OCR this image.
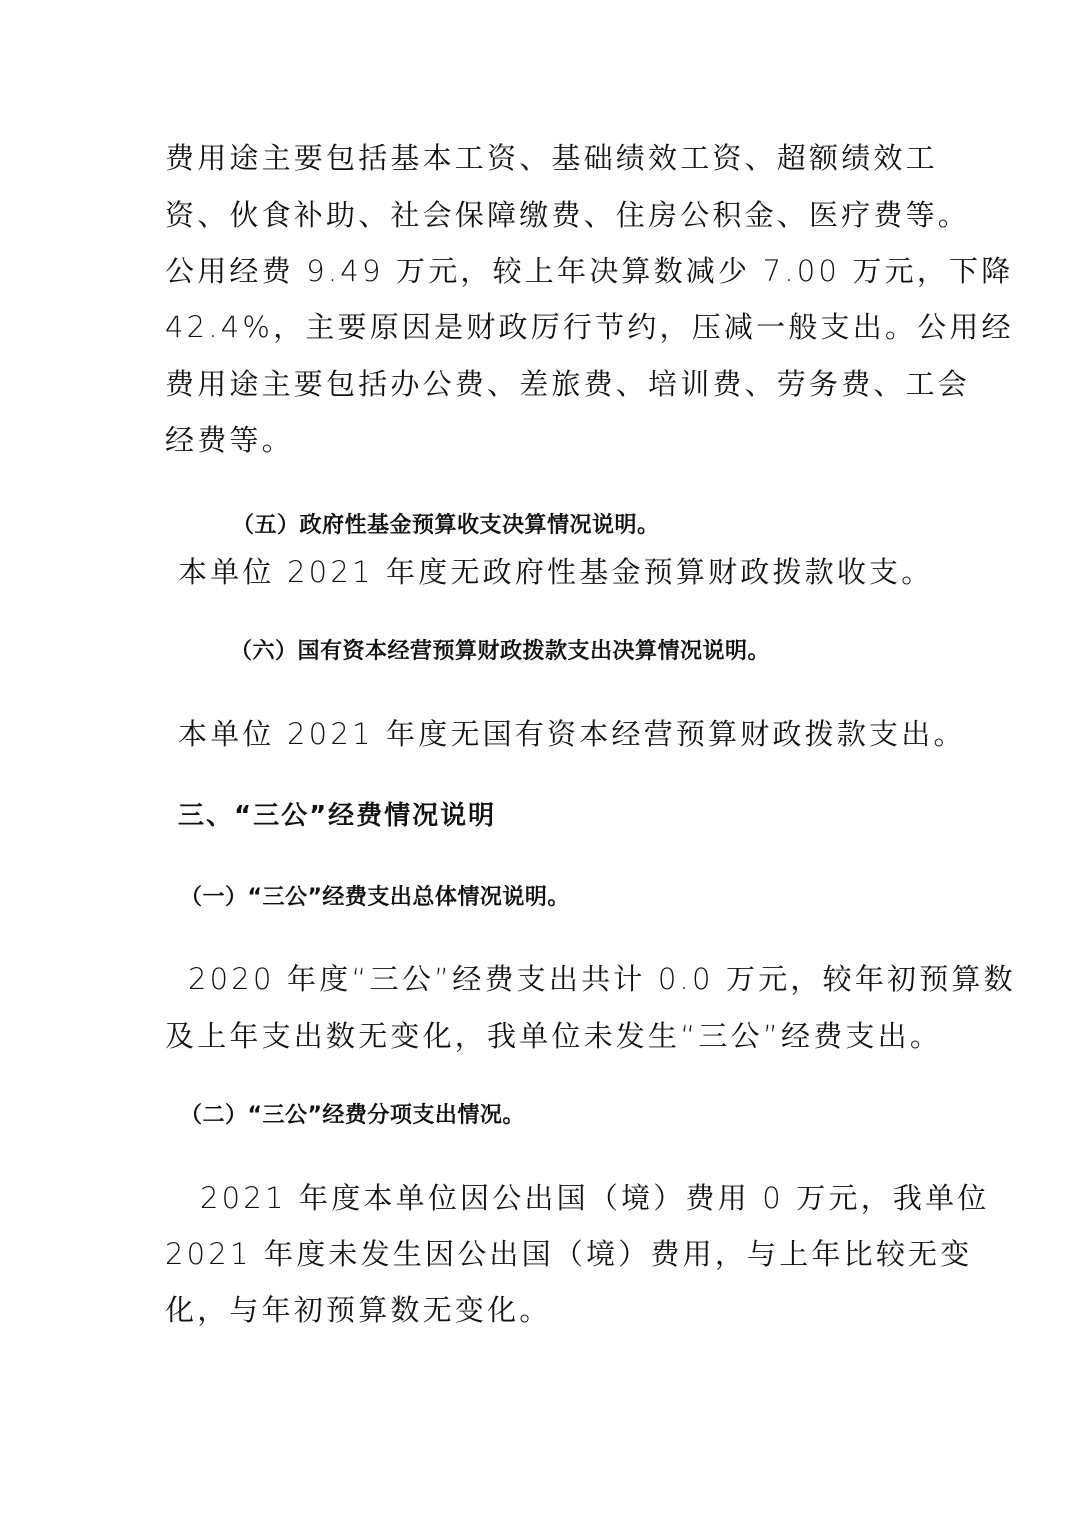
费用途主要包括基本工资、基础绩效工资、超额绩效工
资、伙食补助、社会保障缴费、住房公积金、医疗费等。
公用经费 9.49 万元，较上年决算数减少 7.00 万元，下降
42.4%，主要原因是财政厉行节约，压减一般支出。公用经
费用途主要包括办公费、差旅费、培训费、劳务费、工会
经费等。
（五）政府性基金预算收支决算情况说明。
本单位 2021 年度无政府性基金预算财政拨款收支。
（六）国有资本经营预算财政拨款支出决算情况说明。
本单位 2021 年度无国有资本经营预算财政拨款支出。
三、“三公”经费情况说明
（一）“三公”经费支出总体情况说明。
2020 年度“三公”经费支出共计 0.0 万元，较年初预算数
及上年支出数无变化，我单位未发生“三公”经费支出。
（二）“三公”经费分项支出情况。
2021 年度本单位因公出国（境）费用 0 万元，我单位
2021 年度未发生因公出国（境）费用，与上年比较无变
化，与年初预算数无变化。
